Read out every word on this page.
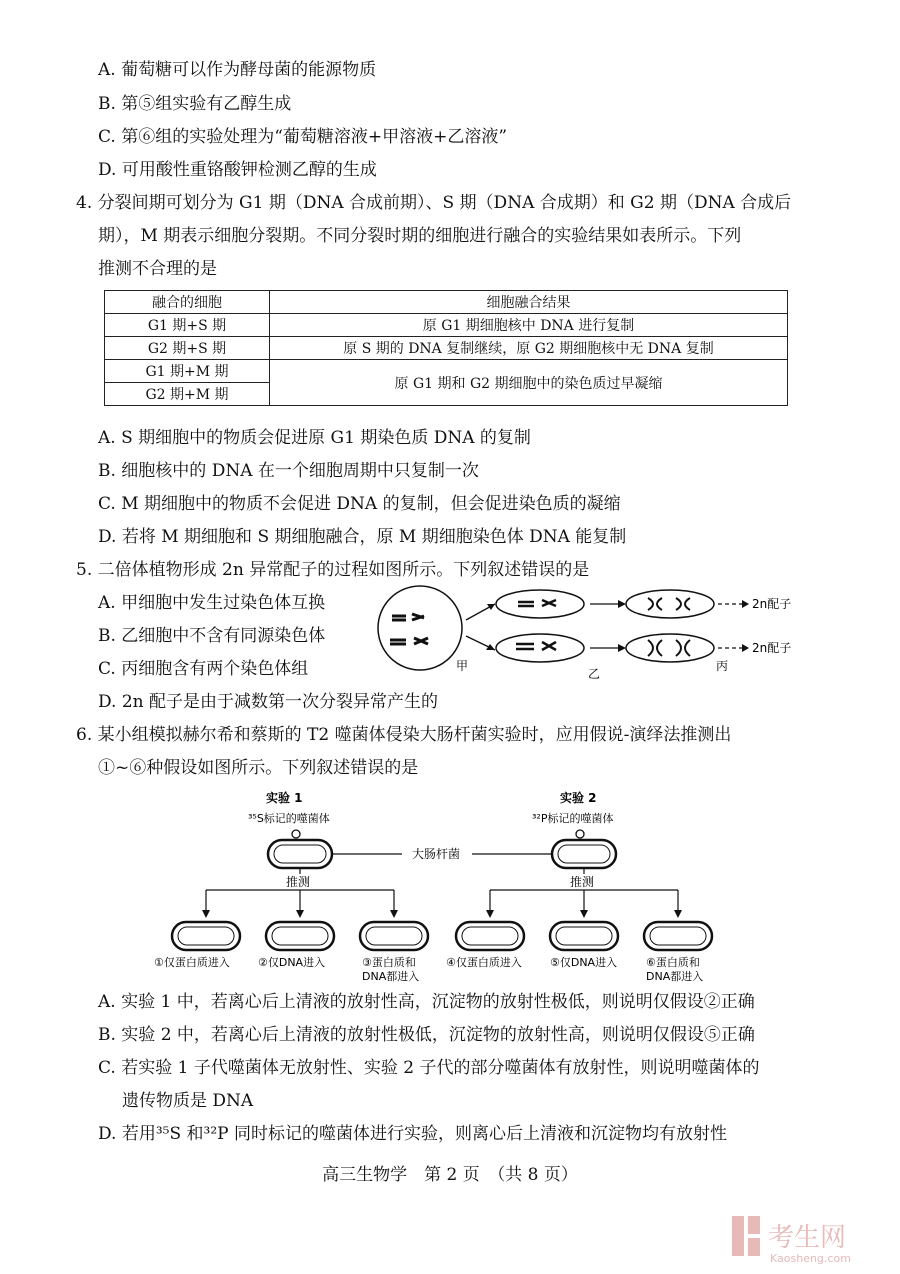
A. 葡萄糖可以作为酵母菌的能源物质
B. 第⑤组实验有乙醇生成
C. 第⑥组的实验处理为“葡萄糖溶液+甲溶液+乙溶液”
D. 可用酸性重铬酸钾检测乙醇的生成
4. 分裂间期可划分为 G1 期（DNA 合成前期）、S 期（DNA 合成期）和 G2 期（DNA 合成后
期），M 期表示细胞分裂期。不同分裂时期的细胞进行融合的实验结果如表所示。下列
推测不合理的是
融合的细胞	细胞融合结果
G1 期+S 期	原 G1 期细胞核中 DNA 进行复制
G2 期+S 期	原 S 期的 DNA 复制继续，原 G2 期细胞核中无 DNA 复制
G1 期+M 期	原 G1 期和 G2 期细胞中的染色质过早凝缩
G2 期+M 期	
A. S 期细胞中的物质会促进原 G1 期染色质 DNA 的复制
B. 细胞核中的 DNA 在一个细胞周期中只复制一次
C. M 期细胞中的物质不会促进 DNA 的复制，但会促进染色质的凝缩
D. 若将 M 期细胞和 S 期细胞融合，原 M 期细胞染色体 DNA 能复制
5. 二倍体植物形成 2n 异常配子的过程如图所示。下列叙述错误的是
A. 甲细胞中发生过染色体互换
B. 乙细胞中不含有同源染色体
C. 丙细胞含有两个染色体组
D. 2n 配子是由于减数第一次分裂异常产生的
甲
乙
丙
2n配子
2n配子
6. 某小组模拟赫尔希和蔡斯的 T2 噬菌体侵染大肠杆菌实验时，应用假说-演绎法推测出
①~⑥种假设如图所示。下列叙述错误的是
实验 1	实验 2
³⁵S标记的噬菌体	³²P标记的噬菌体
大肠杆菌
推测	推测
①仅蛋白质进入	②仅DNA进入	③蛋白质和
DNA都进入
④仅蛋白质进入	⑤仅DNA进入	⑥蛋白质和
DNA都进入
A. 实验 1 中，若离心后上清液的放射性高，沉淀物的放射性极低，则说明仅假设②正确
B. 实验 2 中，若离心后上清液的放射性极低，沉淀物的放射性高，则说明仅假设⑤正确
C. 若实验 1 子代噬菌体无放射性、实验 2 子代的部分噬菌体有放射性，则说明噬菌体的
遗传物质是 DNA
D. 若用³⁵S 和³²P 同时标记的噬菌体进行实验，则离心后上清液和沉淀物均有放射性
高三生物学　第 2 页　（共 8 页）
考生网
Kaosheng.com
